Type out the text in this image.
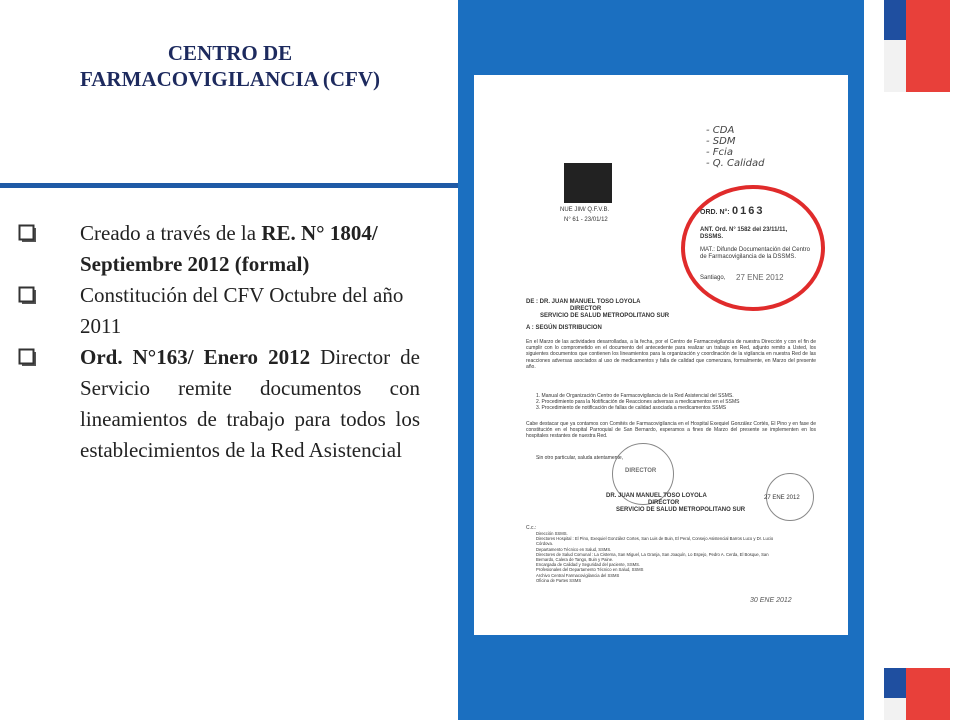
CENTRO DE
FARMACOVIGILANCIA (CFV)
Creado a través de la RE. N° 1804/ Septiembre 2012 (formal)
Constitución del CFV Octubre del año 2011
Ord. N°163/ Enero 2012 Director de Servicio remite documentos con lineamientos de trabajo para todos los establecimientos de la Red Asistencial
- CDA
- SDM
- Fcia
- Q. Calidad
NUE JIM/ Q.F.V.B.
N° 61 - 23/01/12
ORD. N°: 0163
ANT. Ord. N° 1582 del 23/11/11, DSSMS.
MAT.: Difunde Documentación del Centro de Farmacovigilancia de la DSSMS.
Santiago, 27 ENE 2012
DE : DR. JUAN MANUEL TOSO LOYOLA
DIRECTOR
SERVICIO DE SALUD METROPOLITANO SUR
A : SEGÚN DISTRIBUCION
En el Marzo de las actividades desarrolladas, a la fecha, por el Centro de Farmacovigilancia de nuestra Dirección y con el fin de cumplir con lo comprometido en el documento del antecedente para realizar un trabajo en Red, adjunto remito a Usted, los siguientes documentos que contienen los lineamientos para la organización y coordinación de la vigilancia en nuestra Red de las reacciones adversas asociados al uso de medicamentos y falla de calidad que comenzara, formalmente, en Marzo del presente año.
1. Manual de Organización Centro de Farmacovigilancia de la Red Asistencial del SSMS.
2. Procedimiento para la Notificación de Reacciones adversas a medicamentos en el SSMS
3. Procedimiento de notificación de fallas de calidad asociada a medicamentos SSMS
Cabe destacar que ya contamos con Comités de Farmacovigilancia en el Hospital Exequiel González Cortés, El Pino y en fase de constitución en el hospital Parroquial de San Bernardo, esperamos a fines de Marzo del presente se implementen en los hospitales restantes de nuestra Red.
Sin otro particular, saluda atentamente,
DIRECTOR
27 ENE 2012
DR. JUAN MANUEL TOSO LOYOLA
DIRECTOR
SERVICIO DE SALUD METROPOLITANO SUR
C.c.:
Dirección SSMS.
Directores Hospital : El Pino, Exequiel González Cortes, San Luis de Buin, El Peral, Consejo Asistencial Barros Luco y Dr. Lucio Córdova.
Departamento Técnico en Salud, SSMS.
Directores de Salud Comunal : La Cisterna, San Miguel, La Granja, San Joaquín, Lo Espejo, Pedro A. Cerda, El Bosque, San Bernardo, Calera de Tango, Buin y Paine.
Encargada de Calidad y Seguridad del paciente, SSMS.
Profesionales del Departamento Técnico en Salud, SSMS
Archivo Central Farmacovigilancia del SSMS
Oficina de Partes SSMS
30 ENE 2012
